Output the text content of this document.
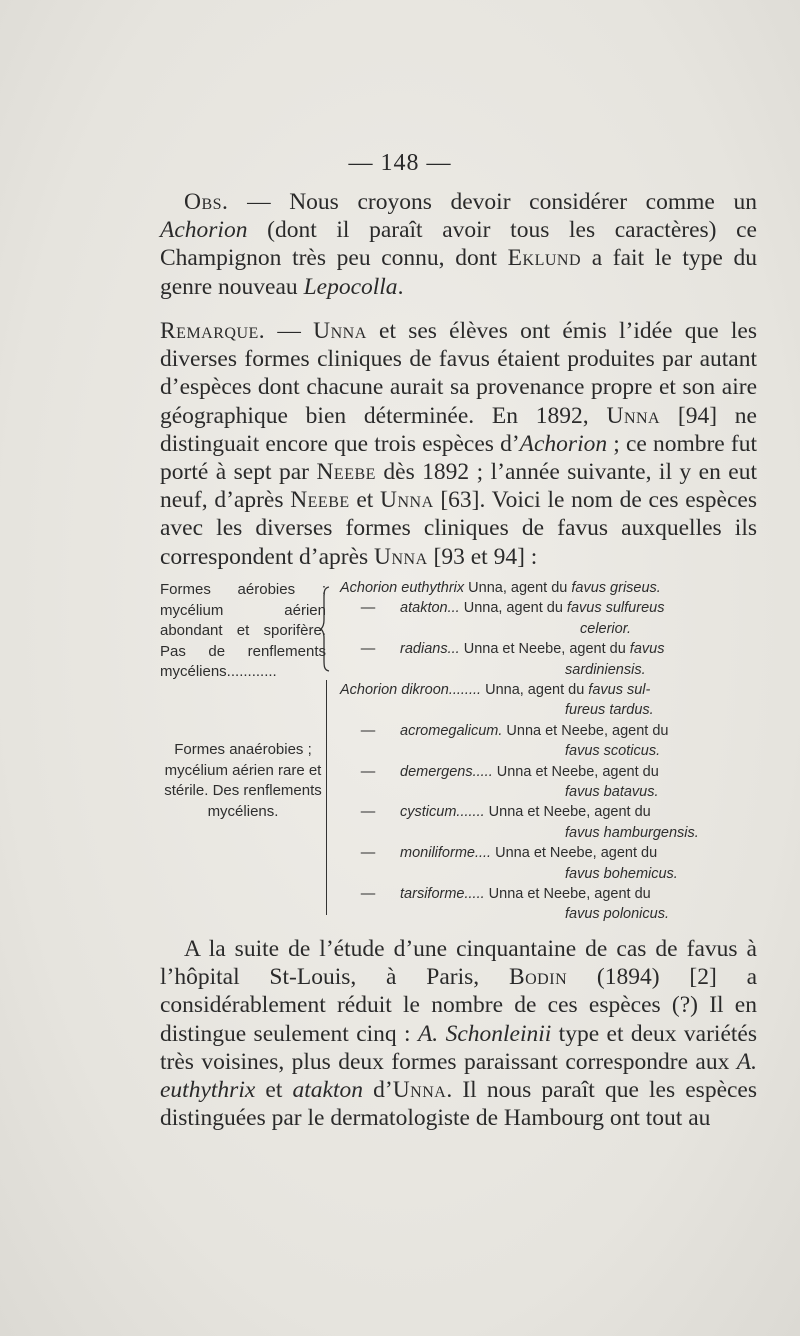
— 148 —

Obs. — Nous croyons devoir considérer comme un Achorion (dont il paraît avoir tous les caractères) ce Champignon très peu connu, dont Eklund a fait le type du genre nouveau Lepocolla.

Remarque. — Unna et ses élèves ont émis l’idée que les diverses formes cliniques de favus étaient produites par autant d’espèces dont chacune aurait sa provenance propre et son aire géographique bien déterminée. En 1892, Unna [94] ne distinguait encore que trois espèces d’Achorion ; ce nombre fut porté à sept par Neebe dès 1892 ; l’année suivante, il y en eut neuf, d’après Neebe et Unna [63]. Voici le nom de ces espèces avec les diverses formes cliniques de favus auxquelles ils correspondent d’après Unna [93 et 94] :

Formes aérobies ; mycélium aérien abondant et sporifère. Pas de renflements mycéliens............
Achorion euthythrix Unna, agent du favus griseus.
— atakton... Unna, agent du favus sulfureus
celerior.
— radians... Unna et Neebe, agent du favus
sardiniensis.
Formes anaérobies ; mycélium aérien rare et stérile. Des renflements mycéliens.
Achorion dikroon........ Unna, agent du favus sul-
fureus tardus.
— acromegalicum. Unna et Neebe, agent du
favus scoticus.
— demergens..... Unna et Neebe, agent du
favus batavus.
— cysticum....... Unna et Neebe, agent du
favus hamburgensis.
— moniliforme.... Unna et Neebe, agent du
favus bohemicus.
— tarsiforme..... Unna et Neebe, agent du
favus polonicus.

A la suite de l’étude d’une cinquantaine de cas de favus à l’hôpital St-Louis, à Paris, Bodin (1894) [2] a considérablement réduit le nombre de ces espèces (?) Il en distingue seulement cinq : A. Schonleinii type et deux variétés très voisines, plus deux formes paraissant correspondre aux A. euthythrix et atakton d’Unna. Il nous paraît que les espèces distinguées par le dermatologiste de Hambourg ont tout au
